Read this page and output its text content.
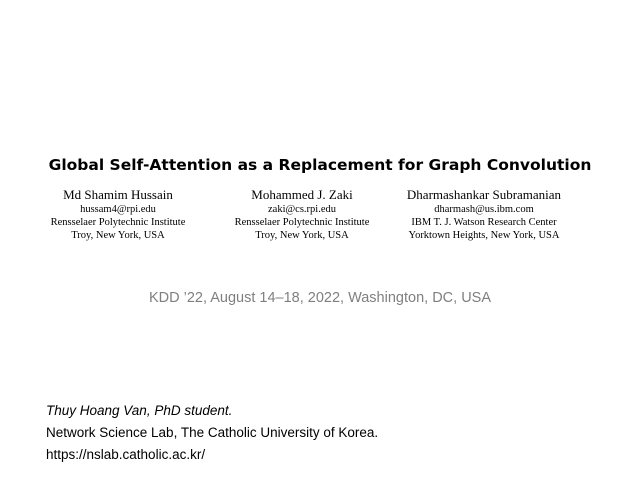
Global Self-Attention as a Replacement for Graph Convolution
Md Shamim Hussain
hussam4@rpi.edu
Rensselaer Polytechnic Institute
Troy, New York, USA
Mohammed J. Zaki
zaki@cs.rpi.edu
Rensselaer Polytechnic Institute
Troy, New York, USA
Dharmashankar Subramanian
dharmash@us.ibm.com
IBM T. J. Watson Research Center
Yorktown Heights, New York, USA
KDD ’22, August 14–18, 2022, Washington, DC, USA
Thuy Hoang Van, PhD student.
Network Science Lab, The Catholic University of Korea.
https://nslab.catholic.ac.kr/
